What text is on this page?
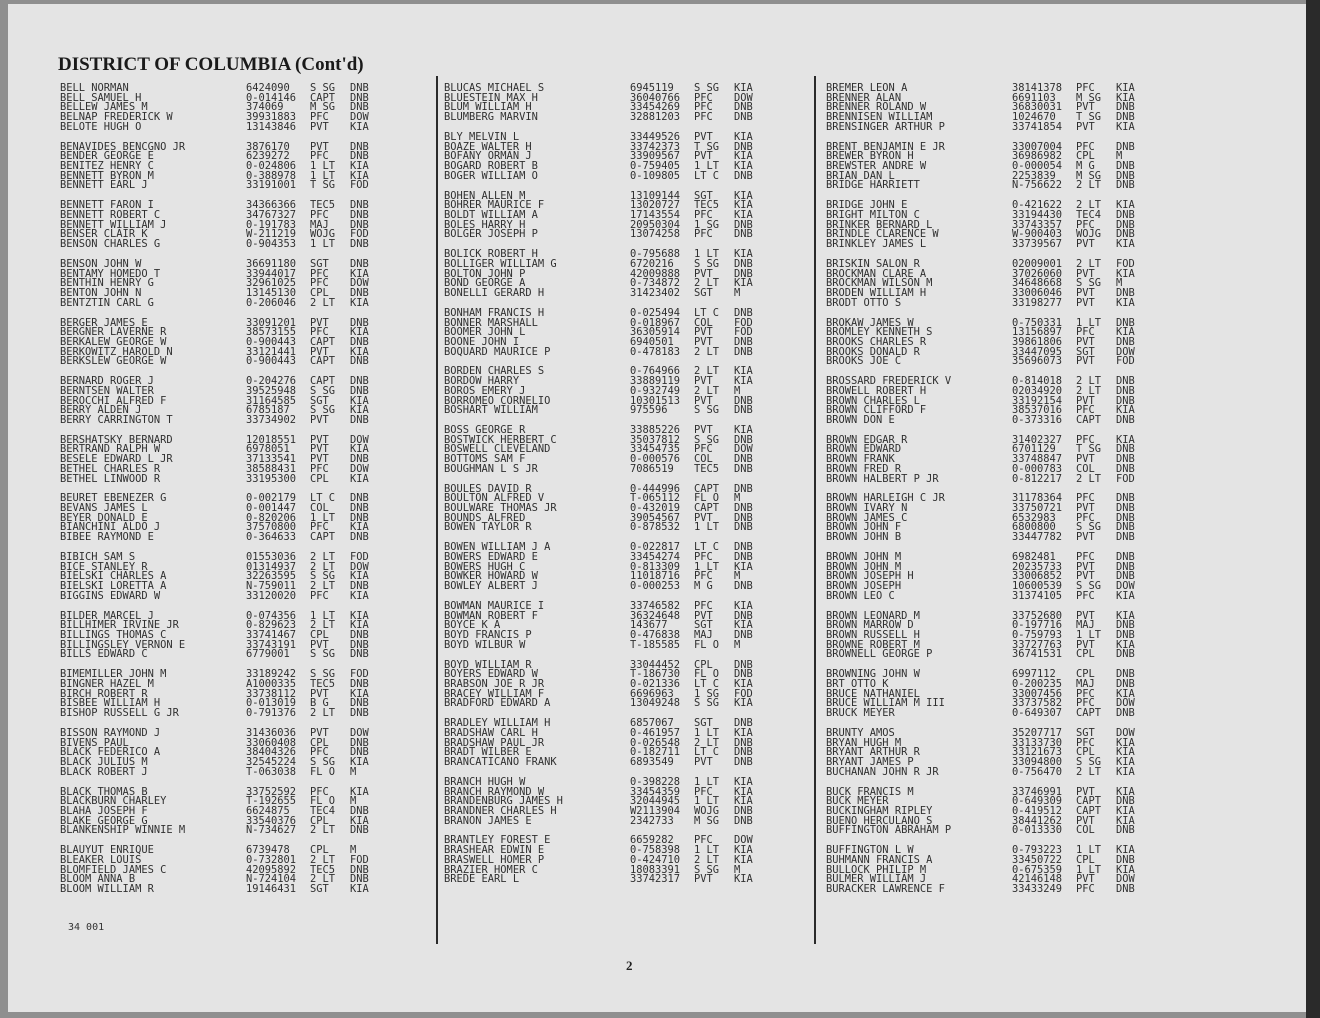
DISTRICT OF COLUMBIA (Cont'd)
BELL NORMAN	6424090 S SG DNB
BELL SAMUEL H	0-014146 CAPT DNB
BELLEW JAMES M	374069	M SG DNB
BELNAP FREDERICK W	39931883 PFC DOW
BELOTE HUGH O	13143846 PVT KIA
BENAVIDES BENCGNO JR	3876170 PVT DNB
BENDER GEORGE E	6239272 PFC DNB
BENITEZ HENRY C	0-024806 1 LT KIA
BENNETT BYRON M	0-388978 1 LT KIA
BENNETT EARL J	33191001 T SG FOD
BENNETT FARON I	34366366 TEC5 DNB
BENNETT ROBERT C	34767327 PFC DNB
BENNETT WILLIAM J	0-191783 MAJ DNB
BENSER CLAIR K	W-211219 WOJG FOD
BENSON CHARLES G	0-904353 1 LT DNB
BENSON JOHN W	36691180 SGT DNB
BENTAMY HOMEDO T	33944017 PFC KIA
BENTHIN HENRY G	32961025 PFC DOW
BENTON JOHN N	13145130 CPL DNB
BENTZTIN CARL G	0-206046 2 LT KIA
BERGER JAMES E	33091201 PVT DNB
BERGNER LAVERNE R	38573155 PFC KIA
BERKALEW GEORGE W	0-900443 CAPT DNB
BERKOWITZ HAROLD N	33121441 PVT KIA
BERKSLEW GEORGE W	0-900443 CAPT DNB
BERNARD ROGER J	0-204276 CAPT DNB
BERNTSEN WALTER	39525948 S SG DNB
BEROCCHI ALFRED F	31164585 SGT KIA
BERRY ALDEN J	6785187 S SG KIA
BERRY CARRINGTON T	33734902 PVT DNB
BERSHATSKY BERNARD	12018551 PVT DOW
BERTRAND RALPH W	6978051 PVT KIA
BESELE EDWARD L JR	37133541 PVT DNB
BETHEL CHARLES R	38588431 PFC DOW
BETHEL LINWOOD R	33195300 CPL KIA
BEURET EBENEZER G	0-002179 LT C DNB
BEVANS JAMES L	0-001447 COL DNB
BEYER DONALD E	0-820206 1 LT DNB
BIANCHINI ALDO J	37570800 PFC KIA
BIBEE RAYMOND E	0-364633 CAPT DNB
BIBICH SAM S	01553036 2 LT FOD
BICE STANLEY R	01314937 2 LT DOW
BIELSKI CHARLES A	32263595 S SG KIA
BIELSKI LORETTA A	N-759011 2 LT DNB
BIGGINS EDWARD W	33120020 PFC KIA
BILDER MARCEL J	0-074356 1 LT KIA
BILLHIMER IRVINE JR	0-829623 2 LT KIA
BILLINGS THOMAS C	33741467 CPL DNB
BILLINGSLEY VERNON E	33743191 PVT DNB
BILLS EDWARD C	6779001 S SG DNB
BIMEMILLER JOHN M	33189242 S SG FOD
BINGNER HAZEL M	A1000335 TEC5 DNB
BIRCH ROBERT R	33738112 PVT KIA
BISBEE WILLIAM H	0-013019 B G DNB
BISHOP RUSSELL G JR	0-791376 2 LT DNB
BISSON RAYMOND J	31436036 PVT DOW
BIVENS PAUL	33060408 CPL DNB
BLACK FEDERICO A	38404326 PFC DNB
BLACK JULIUS M	32545224 S SG KIA
BLACK ROBERT J	T-063038 FL O M
BLACK THOMAS B	33752592 PFC KIA
BLACKBURN CHARLEY	T-192655 FL O M
BLAHA JOSEPH F	6624875 TEC4 DNB
BLAKE GEORGE G	33540376 CPL KIA
BLANKENSHIP WINNIE M	N-734627 2 LT DNB
BLAUYUT ENRIQUE	6739478 CPL M
BLEAKER LOUIS	0-732801 2 LT FOD
BLOMFIELD JAMES C	42095892 TEC5 DNB
BLOOM ANNA B	N-724104 2 LT DNB
BLOOM WILLIAM R	19146431 SGT KIA
BLUCAS MICHAEL S	6945119 S SG KIA
BLUESTEIN MAX H	36040766 PFC DOW
BLUM WILLIAM H	33454269 PFC DNB
BLUMBERG MARVIN	32881203 PFC DNB
BLY MELVIN L	33449526 PVT KIA
BOAZE WALTER H	33742373 T SG DNB
BOFANY ORMAN J	33909567 PVT KIA
BOGARD ROBERT B	0-759405 1 LT KIA
BOGER WILLIAM O	0-109805 LT C DNB
BOHEN ALLEN M	13109144 SGT KIA
BOHRER MAURICE F	13020727 TEC5 KIA
BOLDT WILLIAM A	17143554 PFC KIA
BOLES HARRY H	20950304 1 SG DNB
BOLGER JOSEPH P	13074258 PFC DNB
BOLICK ROBERT H	0-795688 1 LT KIA
BOLLIGER WILLIAM G	6720216 S SG DNB
BOLTON JOHN P	42009888 PVT DNB
BOND GEORGE A	0-734872 2 LT KIA
BONELLI GERARD H	31423402 SGT M
BONHAM FRANCIS H	0-025494 LT C DNB
BONNER MARSHALL	0-018967 COL FOD
BOOMER JOHN L	36305914 PVT FOD
BOONE JOHN I	6940501 PVT DNB
BOQUARD MAURICE P	0-478183 2 LT DNB
BORDEN CHARLES S	0-764966 2 LT KIA
BORDOW HARRY	33889119 PVT KIA
BOROS EMERY J	0-932749 2 LT M
BORROMEO CORNELIO	10301513 PVT DNB
BOSHART WILLIAM	975596	S SG DNB
BOSS GEORGE R	33885226 PVT KIA
BOSTWICK HERBERT C	35037812 S SG DNB
BOSWELL CLEVELAND	33454735 PFC DOW
BOTTOMS SAM F	0-000576 COL DNB
BOUGHMAN L S JR	7086519 TEC5 DNB
BOULES DAVID R	0-444996 CAPT DNB
BOULTON ALFRED V	T-065112 FL O M
BOULWARE THOMAS JR	0-432019 CAPT DNB
BOUNDS ALFRED	39054567 PVT DNB
BOWEN TAYLOR R	0-878532 1 LT DNB
BOWEN WILLIAM J A	0-022817 LT C DNB
BOWERS EDWARD E	33454274 PFC DNB
BOWERS HUGH C	0-813309 1 LT KIA
BOWKER HOWARD W	11018716 PFC M
BOWLEY ALBERT J	0-000253 M G DNB
BOWMAN MAURICE I	33746582 PFC KIA
BOWMAN ROBERT F	36324648 PVT DNB
BOYCE K A	143677	SGT KIA
BOYD FRANCIS P	0-476838 MAJ DNB
BOYD WILBUR W	T-185585 FL O M
BOYD WILLIAM R	33044452 CPL DNB
BOYERS EDWARD W	T-186730 FL O DNB
BRABSON JOE R JR	0-021336 LT C KIA
BRACEY WILLIAM F	6696963 1 SG FOD
BRADFORD EDWARD A	13049248 S SG KIA
BRADLEY WILLIAM H	6857067 SGT DNB
BRADSHAW CARL H	0-461957 1 LT KIA
BRADSHAW PAUL JR	0-026548 2 LT DNB
BRADT WILBER E	0-182711 LT C DNB
BRANCATICANO FRANK	6893549 PVT DNB
BRANCH HUGH W	0-398228 1 LT KIA
BRANCH RAYMOND W	33454359 PFC KIA
BRANDENBURG JAMES H	32044945 1 LT KIA
BRANDNER CHARLES H	W2113904 WOJG DNB
BRANON JAMES E	2342733 M SG DNB
BRANTLEY FOREST E	6659282 PFC DOW
BRASHEAR EDWIN E	0-758398 1 LT KIA
BRASWELL HOMER P	0-424710 2 LT KIA
BRAZIER HOMER C	18083391 S SG M
BREDE EARL L	33742317 PVT KIA
BREMER LEON A	38141378 PFC KIA
BRENNER ALAN	6691103 M SG KIA
BRENNER ROLAND W	36830031 PVT DNB
BRENNISEN WILLIAM	1024670 T SG DNB
BRENSINGER ARTHUR P	33741854 PVT KIA
BRENT BENJAMIN E JR	33007004 PFC DNB
BREWER BYRON H	36986982 CPL M
BREWSTER ANDRE W	0-000054 M G DNB
BRIAN DAN L	2253839 M SG DNB
BRIDGE HARRIETT	N-756622 2 LT DNB
BRIDGE JOHN E	0-421622 2 LT KIA
BRIGHT MILTON C	33194430 TEC4 DNB
BRINKER BERNARD L	33743357 PFC DNB
BRINDLE CLARENCE W	W-900403 WOJG DNB
BRINKLEY JAMES L	33739567 PVT KIA
BRISKIN SALON R	02009001 2 LT FOD
BROCKMAN CLARE A	37026060 PVT KIA
BROCKMAN WILSON M	34648668 S SG M
BRODEN WILLIAM H	33006046 PVT DNB
BRODT OTTO S	33198277 PVT KIA
BROKAW JAMES W	0-750331 1 LT DNB
BROMLEY KENNETH S	13156897 PFC KIA
BROOKS CHARLES R	39861806 PVT DNB
BROOKS DONALD R	33447095 SGT DOW
BROOKS JOE C	35696073 PVT FOD
BROSSARD FREDERICK V	0-814018 2 LT DNB
BROWELL ROBERT H	02034920 2 LT DNB
BROWN CHARLES L	33192154 PVT DNB
BROWN CLIFFORD F	38537016 PFC KIA
BROWN DON E	0-373316 CAPT DNB
BROWN EDGAR R	31402327 PFC KIA
BROWN EDWARD	6701129 T SG DNB
BROWN FRANK	33748847 PVT DNB
BROWN FRED R	0-000783 COL DNB
BROWN HALBERT P JR	0-812217 2 LT FOD
BROWN HARLEIGH C JR	31178364 PFC DNB
BROWN IVARY N	33750721 PVT DNB
BROWN JAMES C	6532983 PFC DNB
BROWN JOHN F	6800800 S SG DNB
BROWN JOHN B	33447782 PVT DNB
BROWN JOHN M	6982481 PFC DNB
BROWN JOHN M	20235733 PVT DNB
BROWN JOSEPH H	33006852 PVT DNB
BROWN JOSEPH	10600539 S SG DOW
BROWN LEO C	31374105 PFC KIA
BROWN LEONARD M	33752680 PVT KIA
BROWN MARROW D	0-197716 MAJ DNB
BROWN RUSSELL H	0-759793 1 LT DNB
BROWNE ROBERT M	33727763 PVT KIA
BROWNELL GEORGE P	36741531 CPL DNB
BROWNING JOHN W	6997112 CPL DNB
BRT OTTO K	0-200235 MAJ DNB
BRUCE NATHANIEL	33007456 PFC KIA
BRUCE WILLIAM M III	33737582 PFC DOW
BRUCK MEYER	0-649307 CAPT DNB
BRUNTY AMOS	35207717 SGT DOW
BRYAN HUGH M	33133730 PFC KIA
BRYANT ARTHUR R	33121673 CPL KIA
BRYANT JAMES P	33094800 S SG KIA
BUCHANAN JOHN R JR	0-756470 2 LT KIA
BUCK FRANCIS M	33746991 PVT KIA
BUCK MEYER	0-649309 CAPT DNB
BUCKINGHAM RIPLEY	0-419512 CAPT KIA
BUENO HERCULANO S	38441262 PVT KIA
BUFFINGTON ABRAHAM P	0-013330 COL DNB
BUFFINGTON L W	0-793223 1 LT KIA
BUHMANN FRANCIS A	33450722 CPL DNB
BULLOCK PHILIP M	0-675359 1 LT KIA
BULMER WILLIAM J	42146148 PVT DOW
BURACKER LAWRENCE F	33433249 PFC DNB
34 001
2
